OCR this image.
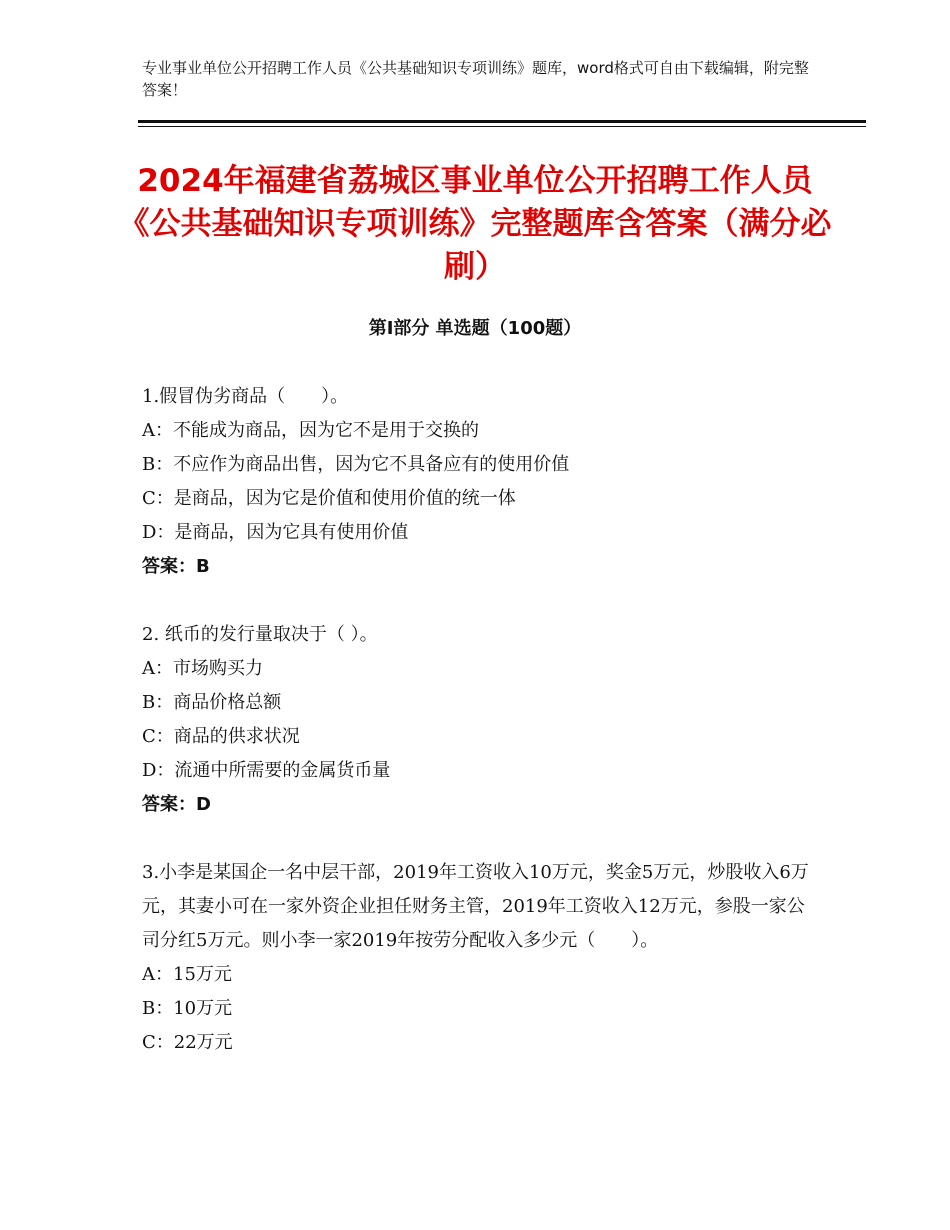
专业事业单位公开招聘工作人员《公共基础知识专项训练》题库，word格式可自由下载编辑，附完整答案！
2024年福建省荔城区事业单位公开招聘工作人员《公共基础知识专项训练》完整题库含答案（满分必刷）
第Ⅰ部分 单选题（100题）
1.假冒伪劣商品（　　）。
A：不能成为商品，因为它不是用于交换的
B：不应作为商品出售，因为它不具备应有的使用价值
C：是商品，因为它是价值和使用价值的统一体
D：是商品，因为它具有使用价值
答案：B
2. 纸币的发行量取决于（ ）。
A：市场购买力
B：商品价格总额
C：商品的供求状况
D：流通中所需要的金属货币量
答案：D
3.小李是某国企一名中层干部，2019年工资收入10万元，奖金5万元，炒股收入6万元，其妻小可在一家外资企业担任财务主管，2019年工资收入12万元，参股一家公司分红5万元。则小李一家2019年按劳分配收入多少元（　　）。
A：15万元
B：10万元
C：22万元
